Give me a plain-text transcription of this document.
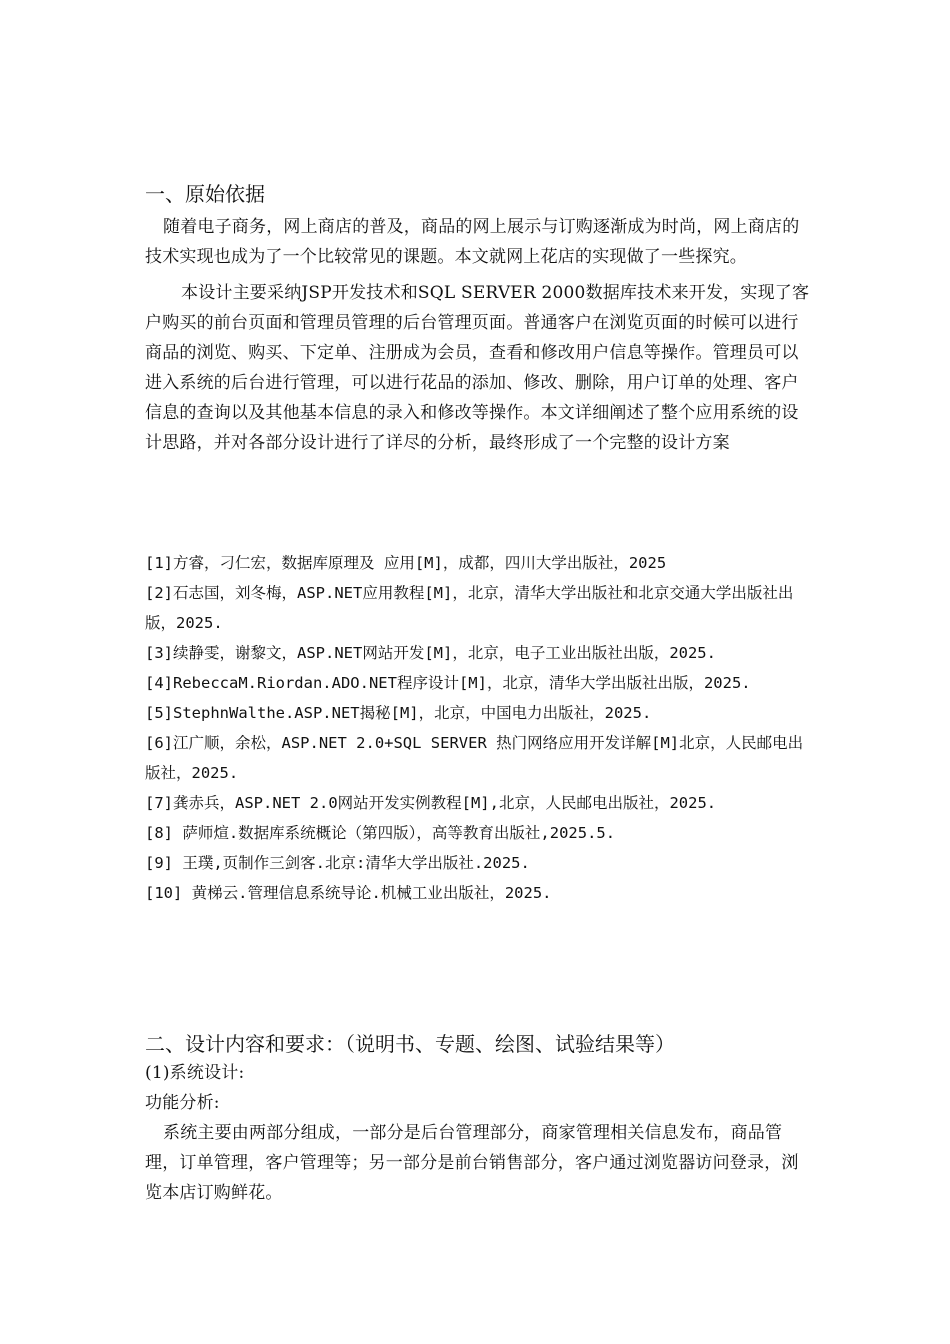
一、原始依据

随着电子商务，网上商店的普及，商品的网上展示与订购逐渐成为时尚，网上商店的技术实现也成为了一个比较常见的课题。本文就网上花店的实现做了一些探究。

本设计主要采纳JSP开发技术和SQL SERVER 2000数据库技术来开发，实现了客户购买的前台页面和管理员管理的后台管理页面。普通客户在浏览页面的时候可以进行商品的浏览、购买、下定单、注册成为会员，查看和修改用户信息等操作。管理员可以进入系统的后台进行管理，可以进行花品的添加、修改、删除，用户订单的处理、客户信息的查询以及其他基本信息的录入和修改等操作。本文详细阐述了整个应用系统的设计思路，并对各部分设计进行了详尽的分析，最终形成了一个完整的设计方案

[1]方睿，刁仁宏，数据库原理及 应用[M]，成都，四川大学出版社，2025

[2]石志国，刘冬梅，ASP.NET应用教程[M]，北京，清华大学出版社和北京交通大学出版社出版，2025.

[3]续静雯，谢黎文，ASP.NET网站开发[M]，北京，电子工业出版社出版，2025.

[4]RebeccaM.Riordan.ADO.NET程序设计[M]，北京，清华大学出版社出版，2025.

[5]StephnWalthe.ASP.NET揭秘[M]，北京，中国电力出版社，2025.

[6]江广顺，余松，ASP.NET 2.0+SQL SERVER 热门网络应用开发详解[M]北京，人民邮电出版社，2025.

[7]龚赤兵，ASP.NET 2.0网站开发实例教程[M],北京，人民邮电出版社，2025.

[8] 萨师煊.数据库系统概论（第四版），高等教育出版社,2025.5.

[9] 王璞,页制作三剑客.北京:清华大学出版社.2025.

[10] 黄梯云.管理信息系统导论.机械工业出版社，2025.

二、设计内容和要求：（说明书、专题、绘图、试验结果等）

(1)系统设计:

功能分析:

系统主要由两部分组成，一部分是后台管理部分，商家管理相关信息发布，商品管理，订单管理，客户管理等；另一部分是前台销售部分，客户通过浏览器访问登录，浏览本店订购鲜花。
